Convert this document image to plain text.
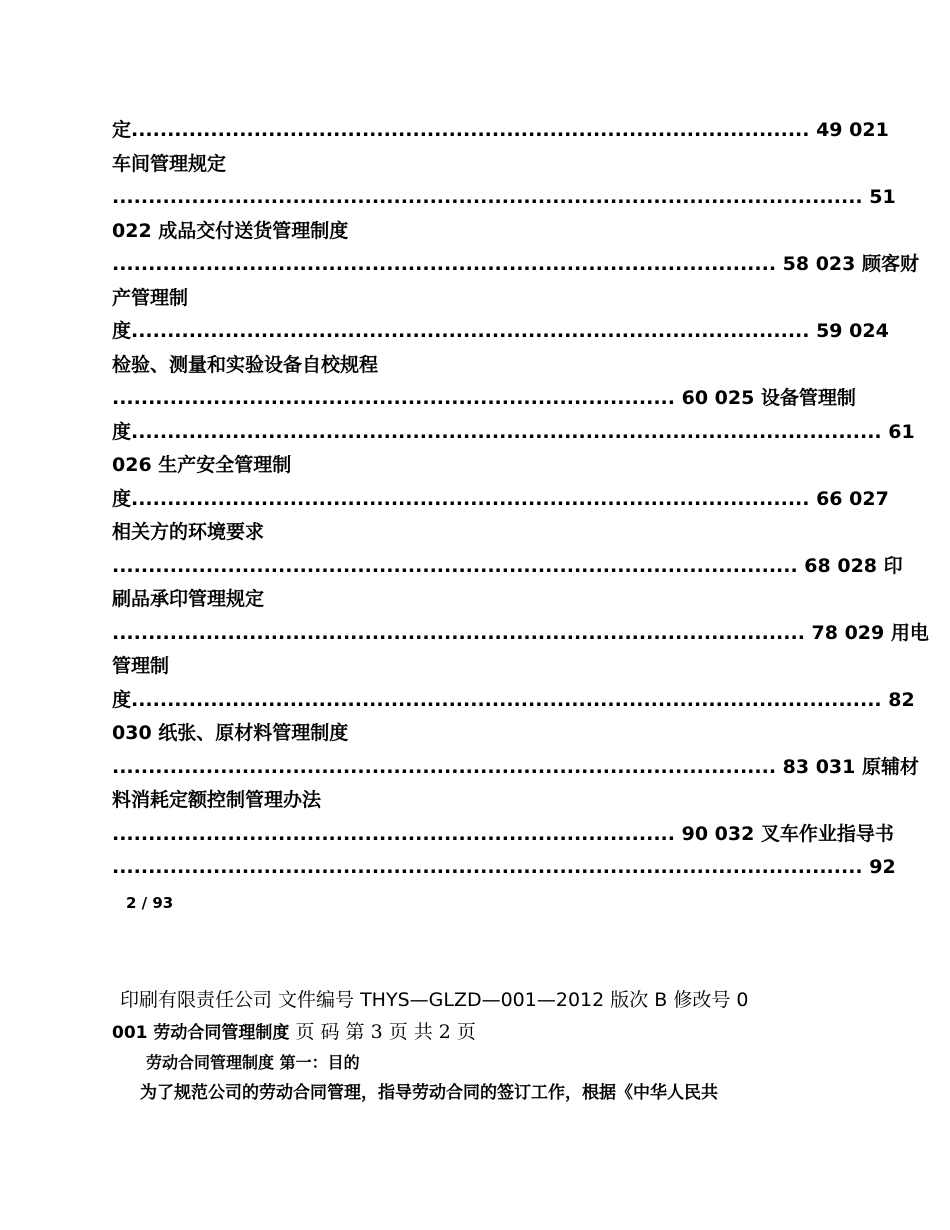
定.............................................................................................. 49 021
车间管理规定
........................................................................................................ 51
022 成品交付送货管理制度
............................................................................................ 58 023 顾客财
产管理制
度.............................................................................................. 59 024
检验、测量和实验设备自校规程
.............................................................................. 60 025 设备管理制
度........................................................................................................ 61
026 生产安全管理制
度.............................................................................................. 66 027
相关方的环境要求
............................................................................................... 68 028 印
刷品承印管理规定
................................................................................................ 78 029 用电
管理制
度........................................................................................................ 82
030 纸张、原材料管理制度
............................................................................................ 83 031 原辅材
料消耗定额控制管理办法
.............................................................................. 90 032 叉车作业指导书
........................................................................................................ 92
2 / 93
印刷有限责任公司 文件编号 THYS—GLZD—001—2012 版次 B 修改号 0
001 劳动合同管理制度 页 码 第 3 页 共 2 页
劳动合同管理制度 第一：目的
为了规范公司的劳动合同管理，指导劳动合同的签订工作，根据《中华人民共
